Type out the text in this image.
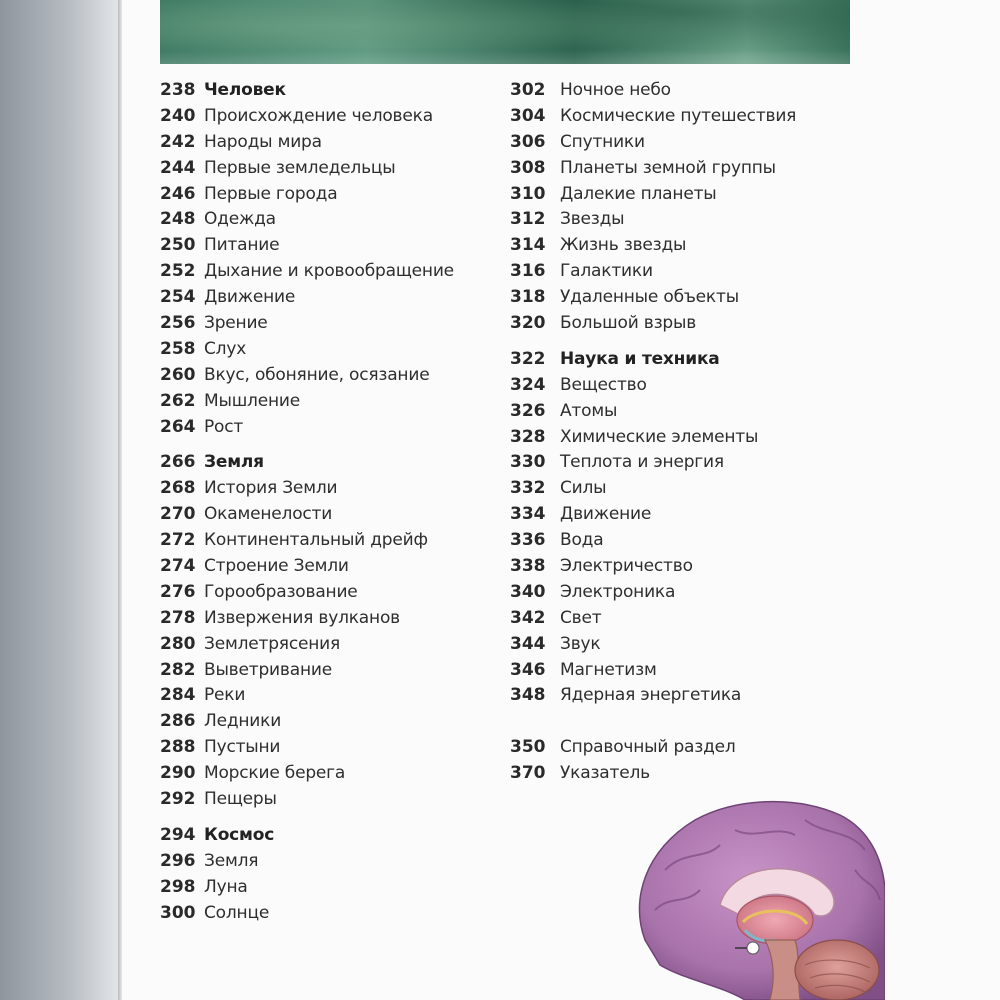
238 Человек
240 Происхождение человека
242 Народы мира
244 Первые земледельцы
246 Первые города
248 Одежда
250 Питание
252 Дыхание и кровообращение
254 Движение
256 Зрение
258 Слух
260 Вкус, обоняние, осязание
262 Мышление
264 Рост
266 Земля
268 История Земли
270 Окаменелости
272 Континентальный дрейф
274 Строение Земли
276 Горообразование
278 Извержения вулканов
280 Землетрясения
282 Выветривание
284 Реки
286 Ледники
288 Пустыни
290 Морские берега
292 Пещеры
294 Космос
296 Земля
298 Луна
300 Солнце
302 Ночное небо
304 Космические путешествия
306 Спутники
308 Планеты земной группы
310 Далекие планеты
312 Звезды
314 Жизнь звезды
316 Галактики
318 Удаленные объекты
320 Большой взрыв
322 Наука и техника
324 Вещество
326 Атомы
328 Химические элементы
330 Теплота и энергия
332 Силы
334 Движение
336 Вода
338 Электричество
340 Электроника
342 Свет
344 Звук
346 Магнетизм
348 Ядерная энергетика
350 Справочный раздел
370 Указатель
